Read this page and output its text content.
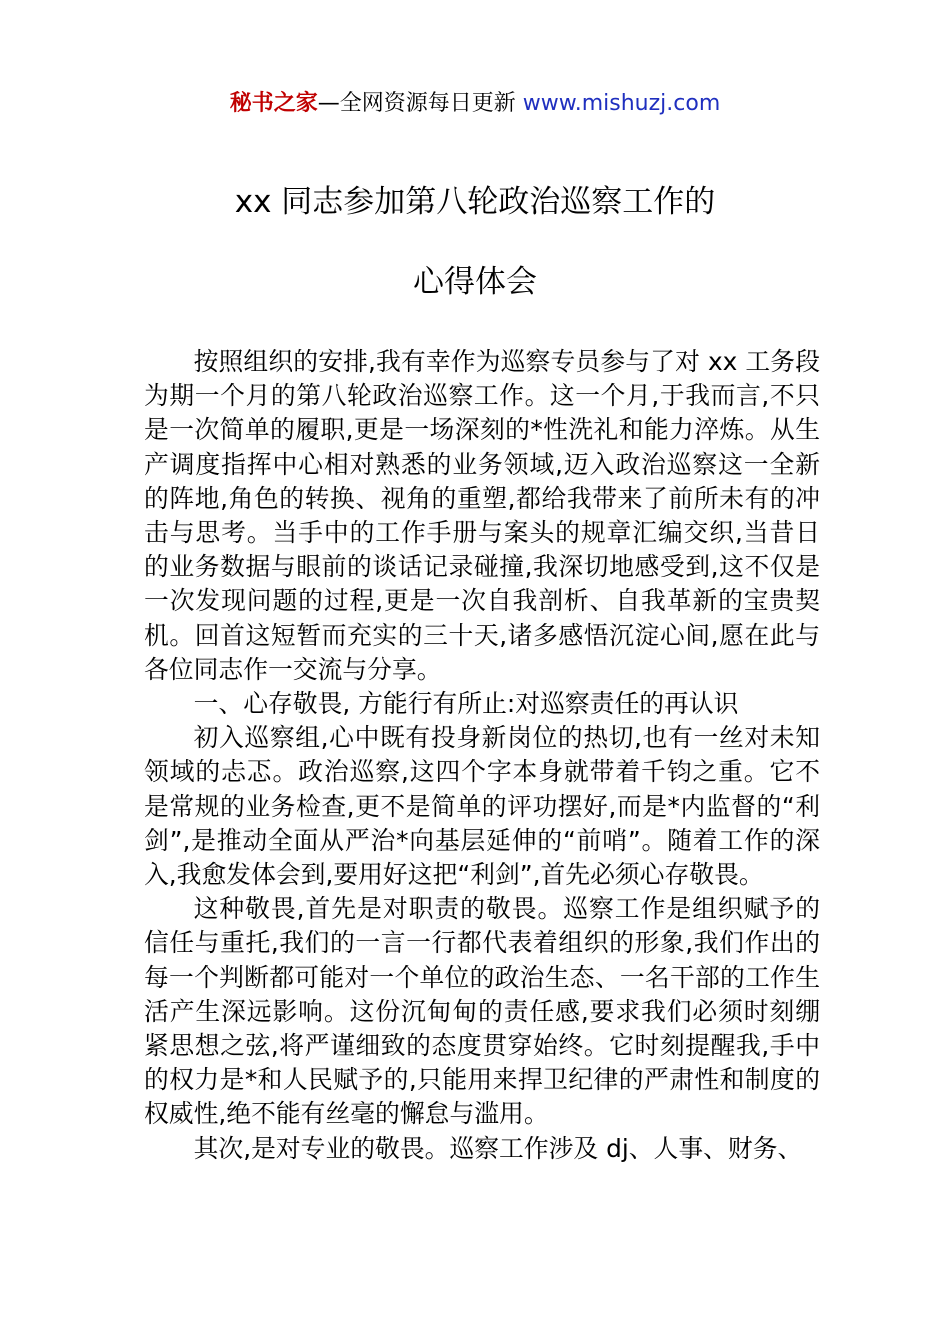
秘书之家—全网资源每日更新 www.mishuzj.com
xx 同志参加第八轮政治巡察工作的
心得体会

按照组织的安排,我有幸作为巡察专员参与了对 xx 工务段为期一个月的第八轮政治巡察工作。这一个月,于我而言,不只是一次简单的履职,更是一场深刻的*性洗礼和能力淬炼。从生产调度指挥中心相对熟悉的业务领域,迈入政治巡察这一全新的阵地,角色的转换、视角的重塑,都给我带来了前所未有的冲击与思考。当手中的工作手册与案头的规章汇编交织,当昔日的业务数据与眼前的谈话记录碰撞,我深切地感受到,这不仅是一次发现问题的过程,更是一次自我剖析、自我革新的宝贵契机。回首这短暂而充实的三十天,诸多感悟沉淀心间,愿在此与各位同志作一交流与分享。

一、心存敬畏, 方能行有所止:对巡察责任的再认识

初入巡察组,心中既有投身新岗位的热切,也有一丝对未知领域的忐忑。政治巡察,这四个字本身就带着千钧之重。它不是常规的业务检查,更不是简单的评功摆好,而是*内监督的“利剑”,是推动全面从严治*向基层延伸的“前哨”。随着工作的深入,我愈发体会到,要用好这把“利剑”,首先必须心存敬畏。

这种敬畏,首先是对职责的敬畏。巡察工作是组织赋予的信任与重托,我们的一言一行都代表着组织的形象,我们作出的每一个判断都可能对一个单位的政治生态、一名干部的工作生活产生深远影响。这份沉甸甸的责任感,要求我们必须时刻绷紧思想之弦,将严谨细致的态度贯穿始终。它时刻提醒我,手中的权力是*和人民赋予的,只能用来捍卫纪律的严肃性和制度的权威性,绝不能有丝毫的懈怠与滥用。

其次,是对专业的敬畏。巡察工作涉及 dj、人事、财务、
